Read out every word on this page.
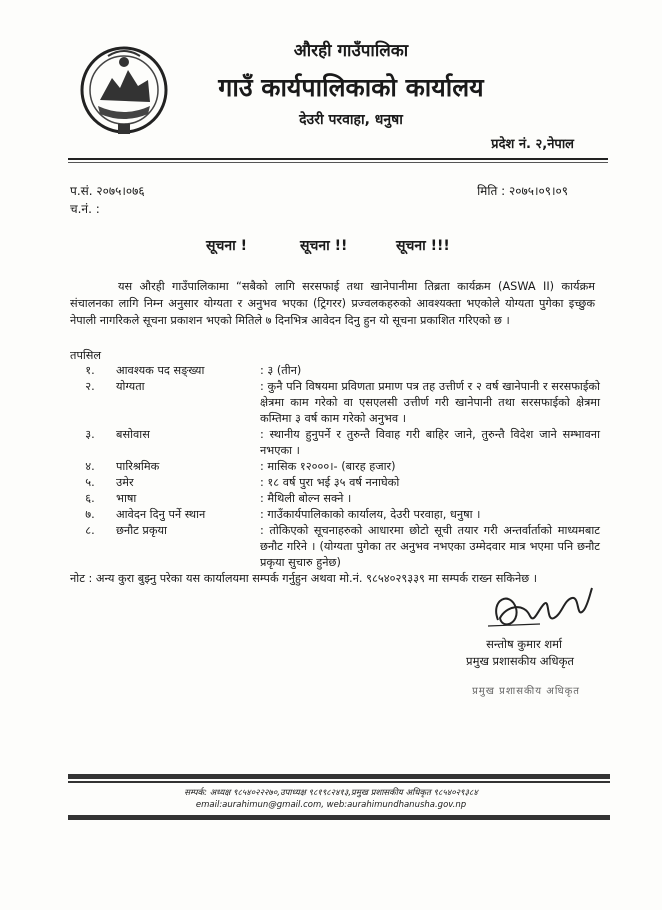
औरही गाउँपालिका
गाउँ कार्यपालिकाको कार्यालय
देउरी परवाहा, धनुषा
प्रदेश नं. २,नेपाल
प.सं. २०७५।०७६
च.नं. :
मिति : २०७५।०९।०९
सूचना !	सूचना !!	सूचना !!!
यस औरही गाउँपालिकामा “सबैको लागि सरसफाई तथा खानेपानीमा तिब्रता कार्यक्रम (ASWA II) कार्यक्रम संचालनका लागि निम्न अनुसार योग्यता र अनुभव भएका (ट्रिगरर) प्रज्वलकहरुको आवश्यक्ता भएकोले योग्यता पुगेका इच्छुक नेपाली नागरिकले सूचना प्रकाशन भएको मितिले ७ दिनभित्र आवेदन दिनु हुन यो सूचना प्रकाशित गरिएको छ ।
तपसिल
१.	आवश्यक पद सङ्ख्या	: ३ (तीन)
२.	योग्यता	: कुनै पनि विषयमा प्रविणता प्रमाण पत्र तह उत्तीर्ण र २ वर्ष खानेपानी र सरसफाईको क्षेत्रमा काम गरेको वा एसएलसी उत्तीर्ण गरी खानेपानी तथा सरसफाईको क्षेत्रमा कम्तिमा ३ वर्ष काम गरेको अनुभव ।
३.	बसोवास	: स्थानीय हुनुपर्ने र तुरुन्तै विवाह गरी बाहिर जाने, तुरुन्तै विदेश जाने सम्भावना नभएका ।
४.	पारिश्रमिक	: मासिक १२०००।- (बारह हजार)
५.	उमेर	: १८ वर्ष पुरा भई ३५ वर्ष ननाघेको
६.	भाषा	: मैथिली बोल्न सक्ने ।
७.	आवेदन दिनु पर्ने स्थान	: गाउँकार्यपालिकाको कार्यालय, देउरी परवाहा, धनुषा ।
८.	छनौट प्रकृया	: तोकिएको सूचनाहरुको आधारमा छोटो सूची तयार गरी अन्तर्वार्ताको माध्यमबाट छनौट गरिने । (योग्यता पुगेका तर अनुभव नभएका उम्मेदवार मात्र भएमा पनि छनौट प्रकृया सुचारु हुनेछ)
नोट : अन्य कुरा बुझ्नु परेका यस कार्यालयमा सम्पर्क गर्नुहुन अथवा मो.नं. ९८५४०२९३३९ मा सम्पर्क राख्न सकिनेछ ।
सन्तोष कुमार शर्मा
प्रमुख प्रशासकीय अधिकृत
प्रमुख प्रशासकीय अधिकृत
सम्पर्क: अध्यक्ष ९८५४०२२२७०,उपाध्यक्ष ९८१९८२४१३,प्रमुख प्रशासकीय अधिकृत ९८५४०२९३८४
email:aurahimun@gmail.com, web:aurahimundhanusha.gov.np
